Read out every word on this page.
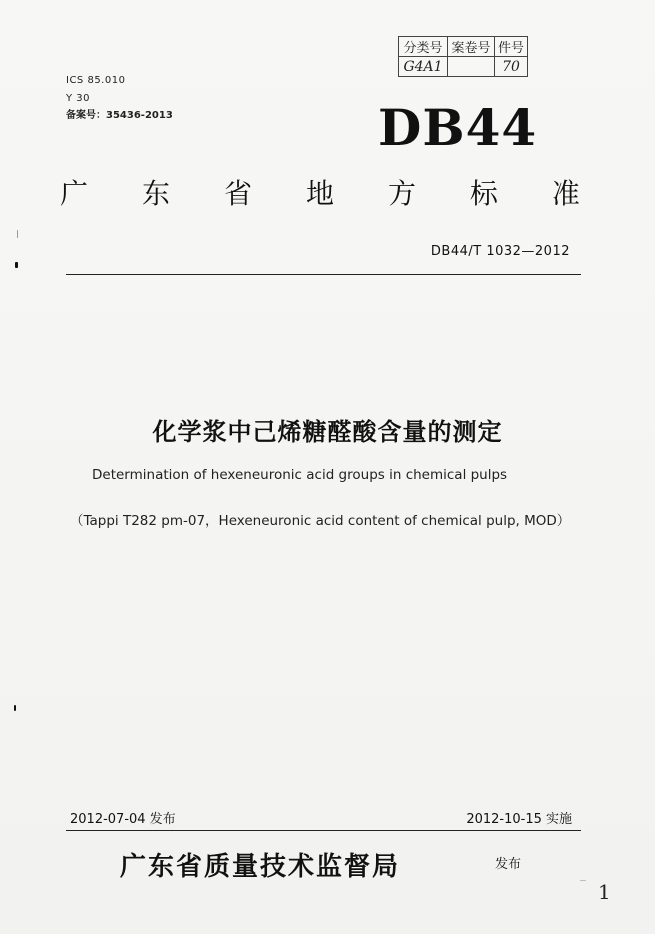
分类号	案卷号	件号
G4A1		70
ICS 85.010
Y 30
备案号：35436-2013	DB44
广 东 省 地 方 标 准
DB44/T 1032—2012
化学浆中己烯糖醛酸含量的测定
Determination of hexeneuronic acid groups in chemical pulps
（Tappi T282 pm-07，Hexeneuronic acid content of chemical pulp, MOD）
2012-07-04 发布	2012-10-15 实施
广东省质量技术监督局	发布
1
